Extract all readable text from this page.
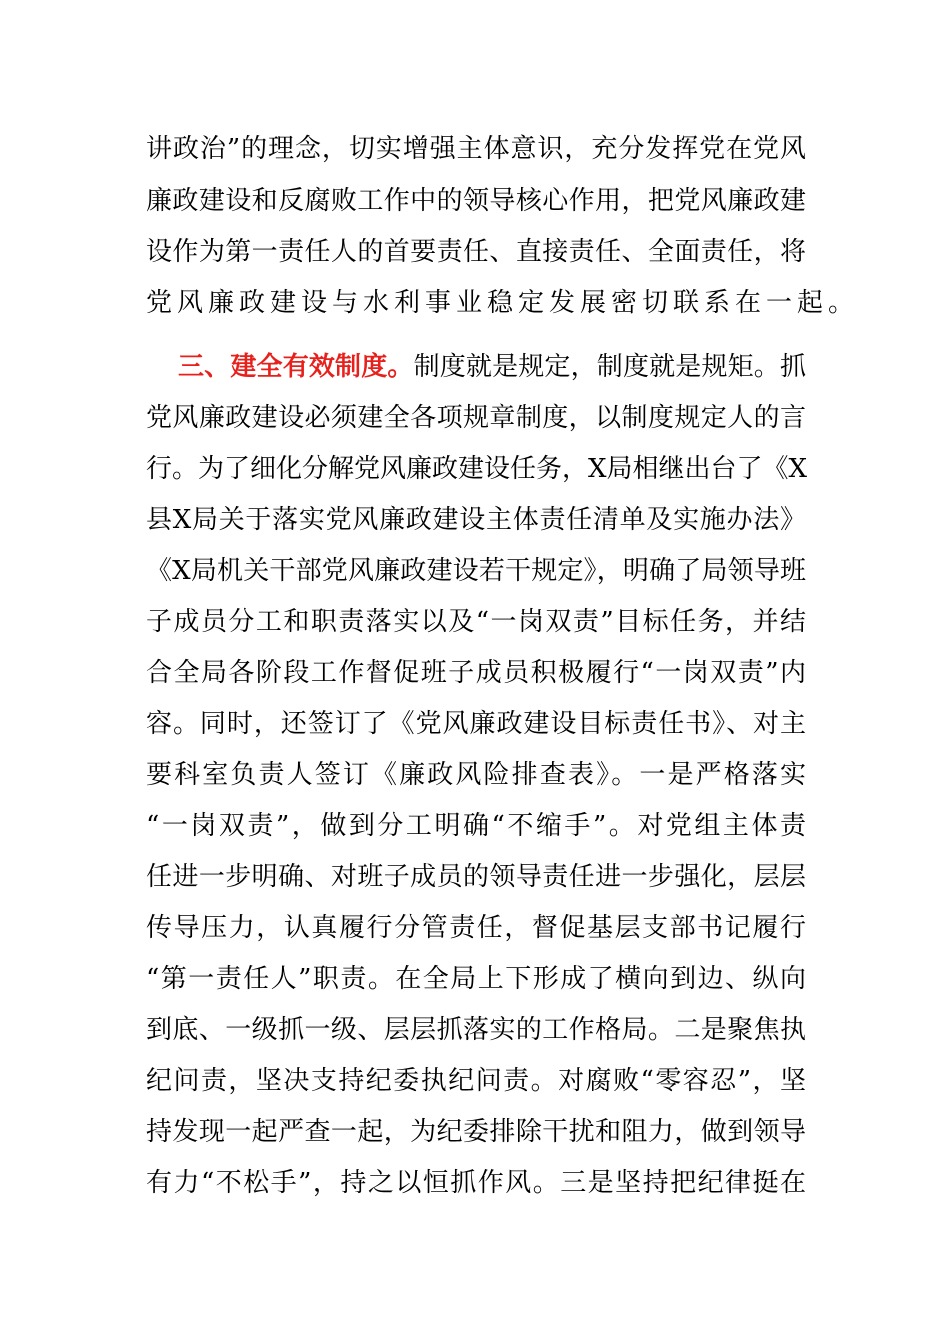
讲政治”的理念，切实增强主体意识，充分发挥党在党风
廉政建设和反腐败工作中的领导核心作用，把党风廉政建
设作为第一责任人的首要责任、直接责任、全面责任，将
党风廉政建设与水利事业稳定发展密切联系在一起。
三、建全有效制度。制度就是规定，制度就是规矩。抓
党风廉政建设必须建全各项规章制度，以制度规定人的言
行。为了细化分解党风廉政建设任务，X局相继出台了《X
县X局关于落实党风廉政建设主体责任清单及实施办法》
《X局机关干部党风廉政建设若干规定》，明确了局领导班
子成员分工和职责落实以及“一岗双责”目标任务，并结
合全局各阶段工作督促班子成员积极履行“一岗双责”内
容。同时，还签订了《党风廉政建设目标责任书》、对主
要科室负责人签订《廉政风险排查表》。一是严格落实
“一岗双责”，做到分工明确“不缩手”。对党组主体责
任进一步明确、对班子成员的领导责任进一步强化，层层
传导压力，认真履行分管责任，督促基层支部书记履行
“第一责任人”职责。在全局上下形成了横向到边、纵向
到底、一级抓一级、层层抓落实的工作格局。二是聚焦执
纪问责，坚决支持纪委执纪问责。对腐败“零容忍”，坚
持发现一起严查一起，为纪委排除干扰和阻力，做到领导
有力“不松手”，持之以恒抓作风。三是坚持把纪律挺在
